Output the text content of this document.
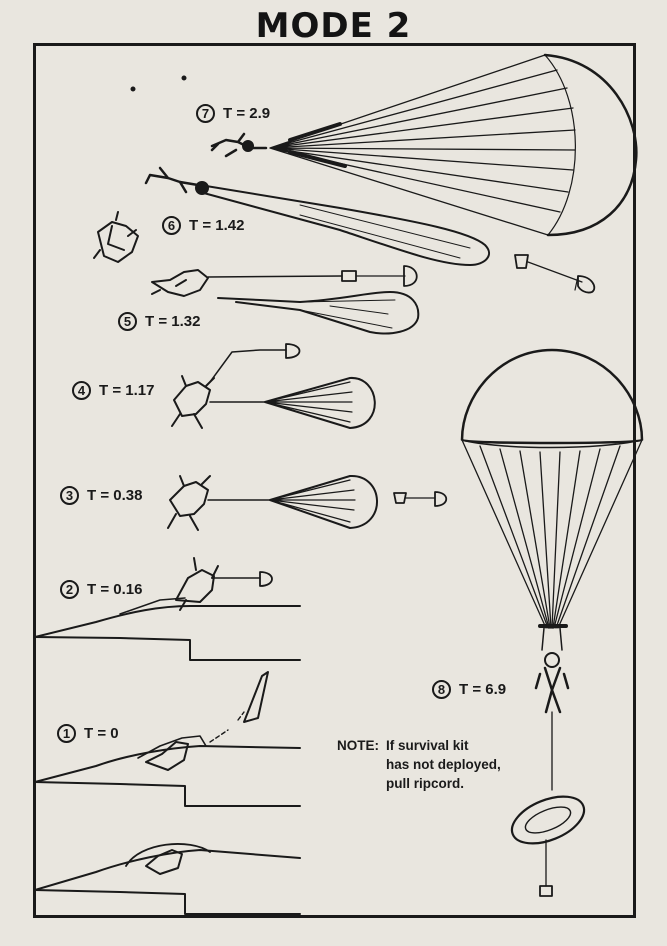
MODE 2
7 T = 2.9
6 T = 1.42
5 T = 1.32
4 T = 1.17
3 T = 0.38
2 T = 0.16
1 T = 0
8 T = 6.9
NOTE: If survival kit
has not deployed,
pull ripcord.
